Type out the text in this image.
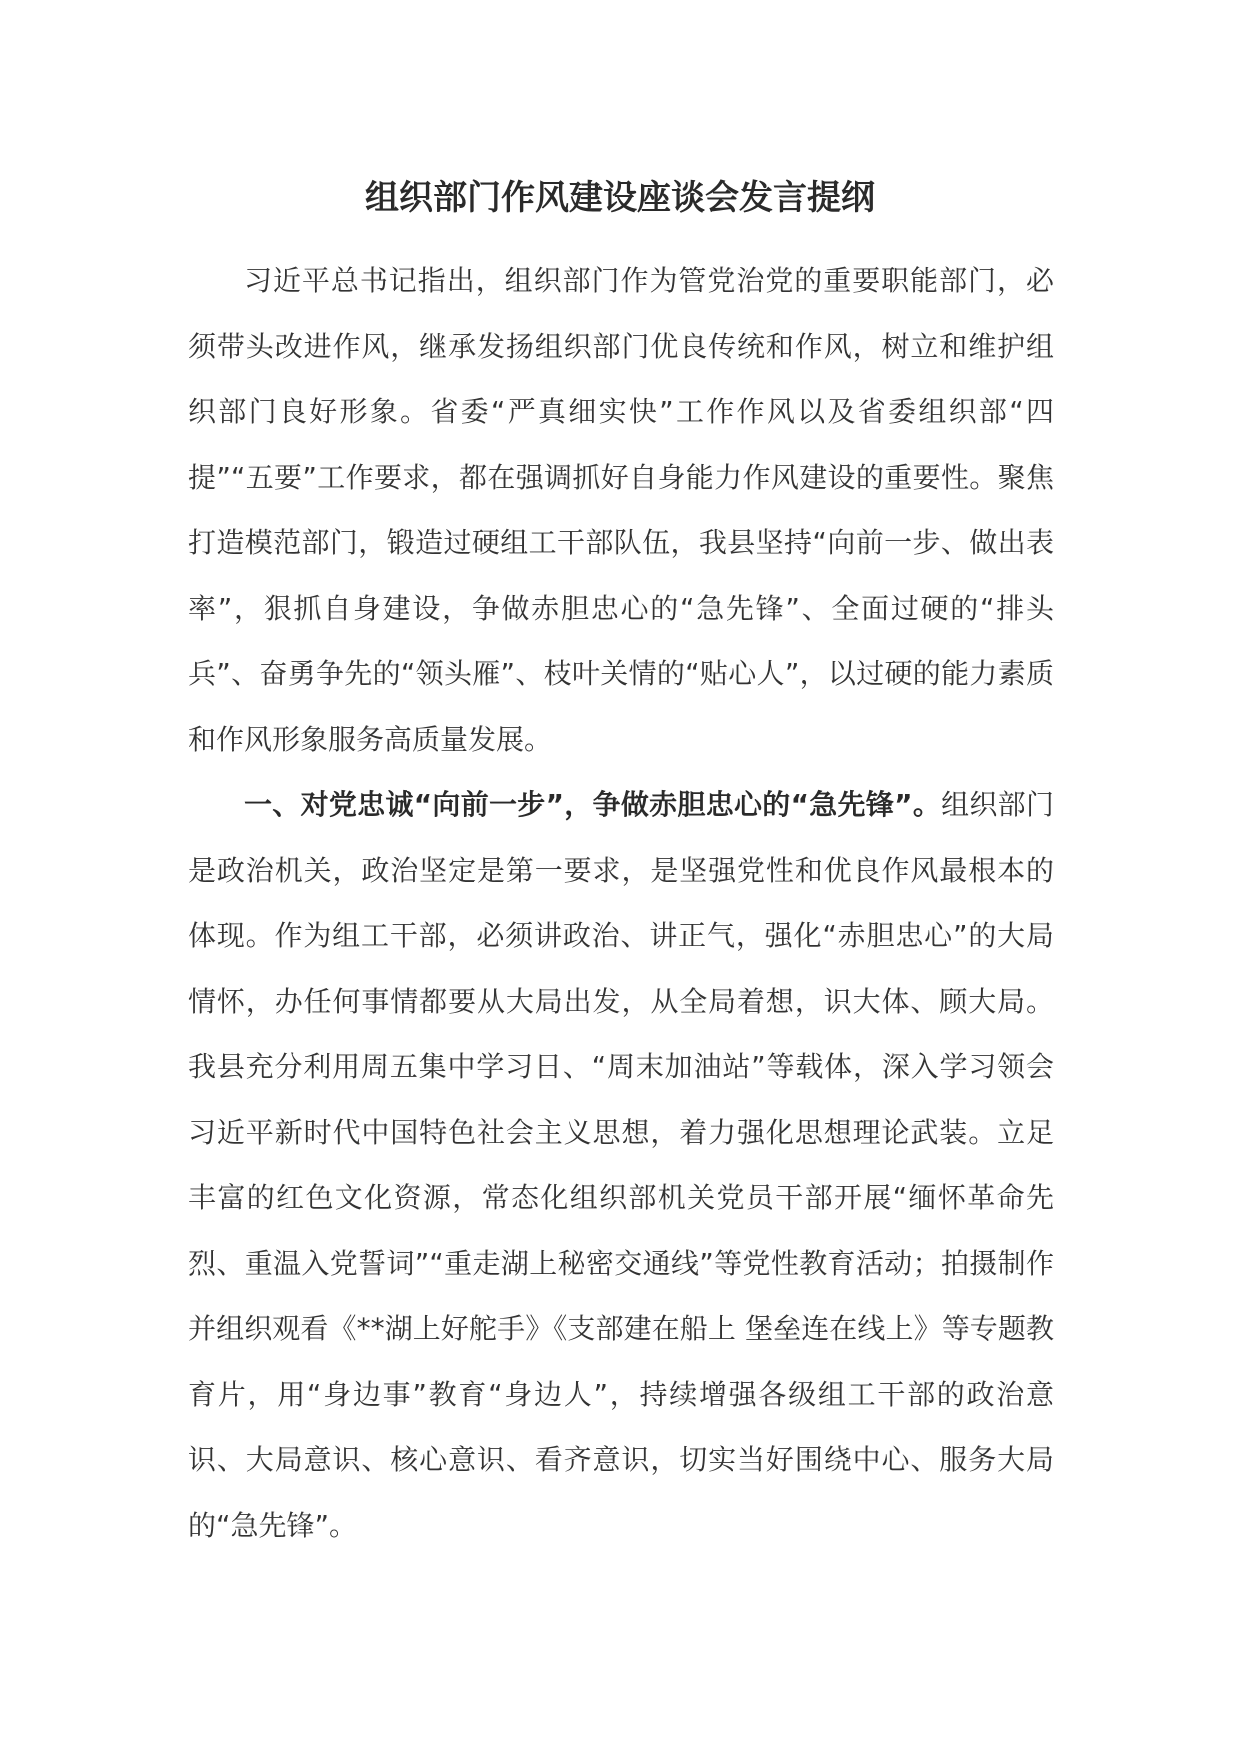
组织部门作风建设座谈会发言提纲

习近平总书记指出，组织部门作为管党治党的重要职能部门，必须带头改进作风，继承发扬组织部门优良传统和作风，树立和维护组织部门良好形象。省委“严真细实快”工作作风以及省委组织部“四提”“五要”工作要求，都在强调抓好自身能力作风建设的重要性。聚焦打造模范部门，锻造过硬组工干部队伍，我县坚持“向前一步、做出表率”，狠抓自身建设，争做赤胆忠心的“急先锋”、全面过硬的“排头兵”、奋勇争先的“领头雁”、枝叶关情的“贴心人”，以过硬的能力素质和作风形象服务高质量发展。

一、对党忠诚“向前一步”，争做赤胆忠心的“急先锋”。组织部门是政治机关，政治坚定是第一要求，是坚强党性和优良作风最根本的体现。作为组工干部，必须讲政治、讲正气，强化“赤胆忠心”的大局情怀，办任何事情都要从大局出发，从全局着想，识大体、顾大局。我县充分利用周五集中学习日、“周末加油站”等载体，深入学习领会习近平新时代中国特色社会主义思想，着力强化思想理论武装。立足丰富的红色文化资源，常态化组织部机关党员干部开展“缅怀革命先烈、重温入党誓词”“重走湖上秘密交通线”等党性教育活动；拍摄制作并组织观看《**湖上好舵手》《支部建在船上 堡垒连在线上》等专题教育片，用“身边事”教育“身边人”，持续增强各级组工干部的政治意识、大局意识、核心意识、看齐意识，切实当好围绕中心、服务大局的“急先锋”。
